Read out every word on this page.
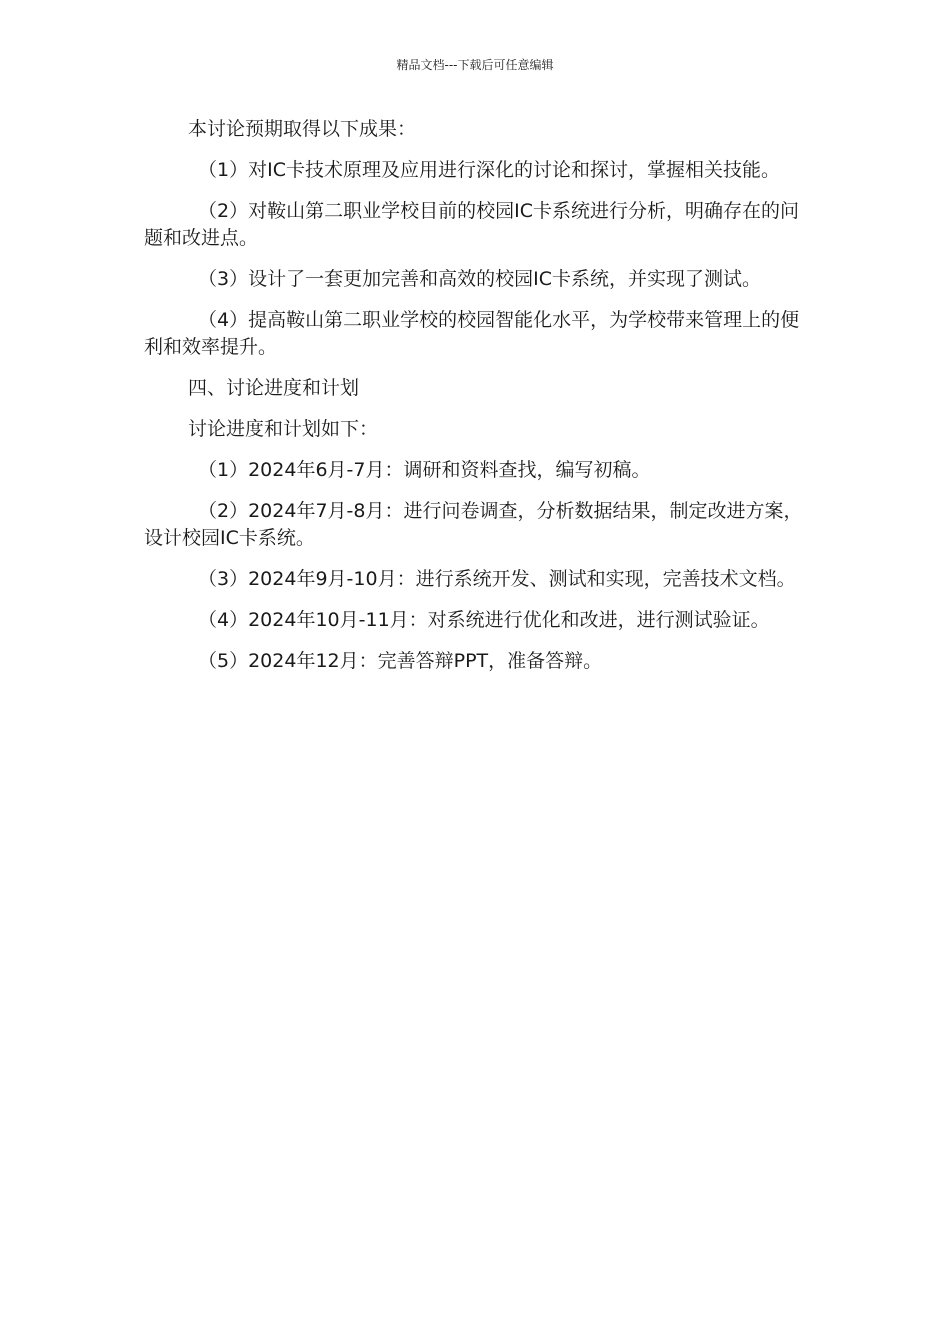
精品文档---下载后可任意编辑

本讨论预期取得以下成果：

（1）对IC卡技术原理及应用进行深化的讨论和探讨，掌握相关技能。

（2）对鞍山第二职业学校目前的校园IC卡系统进行分析，明确存在的问题和改进点。

（3）设计了一套更加完善和高效的校园IC卡系统，并实现了测试。

（4）提高鞍山第二职业学校的校园智能化水平，为学校带来管理上的便利和效率提升。

四、讨论进度和计划

讨论进度和计划如下：

（1）2024年6月-7月：调研和资料查找，编写初稿。

（2）2024年7月-8月：进行问卷调查，分析数据结果，制定改进方案，设计校园IC卡系统。

（3）2024年9月-10月：进行系统开发、测试和实现，完善技术文档。

（4）2024年10月-11月：对系统进行优化和改进，进行测试验证。

（5）2024年12月：完善答辩PPT，准备答辩。
